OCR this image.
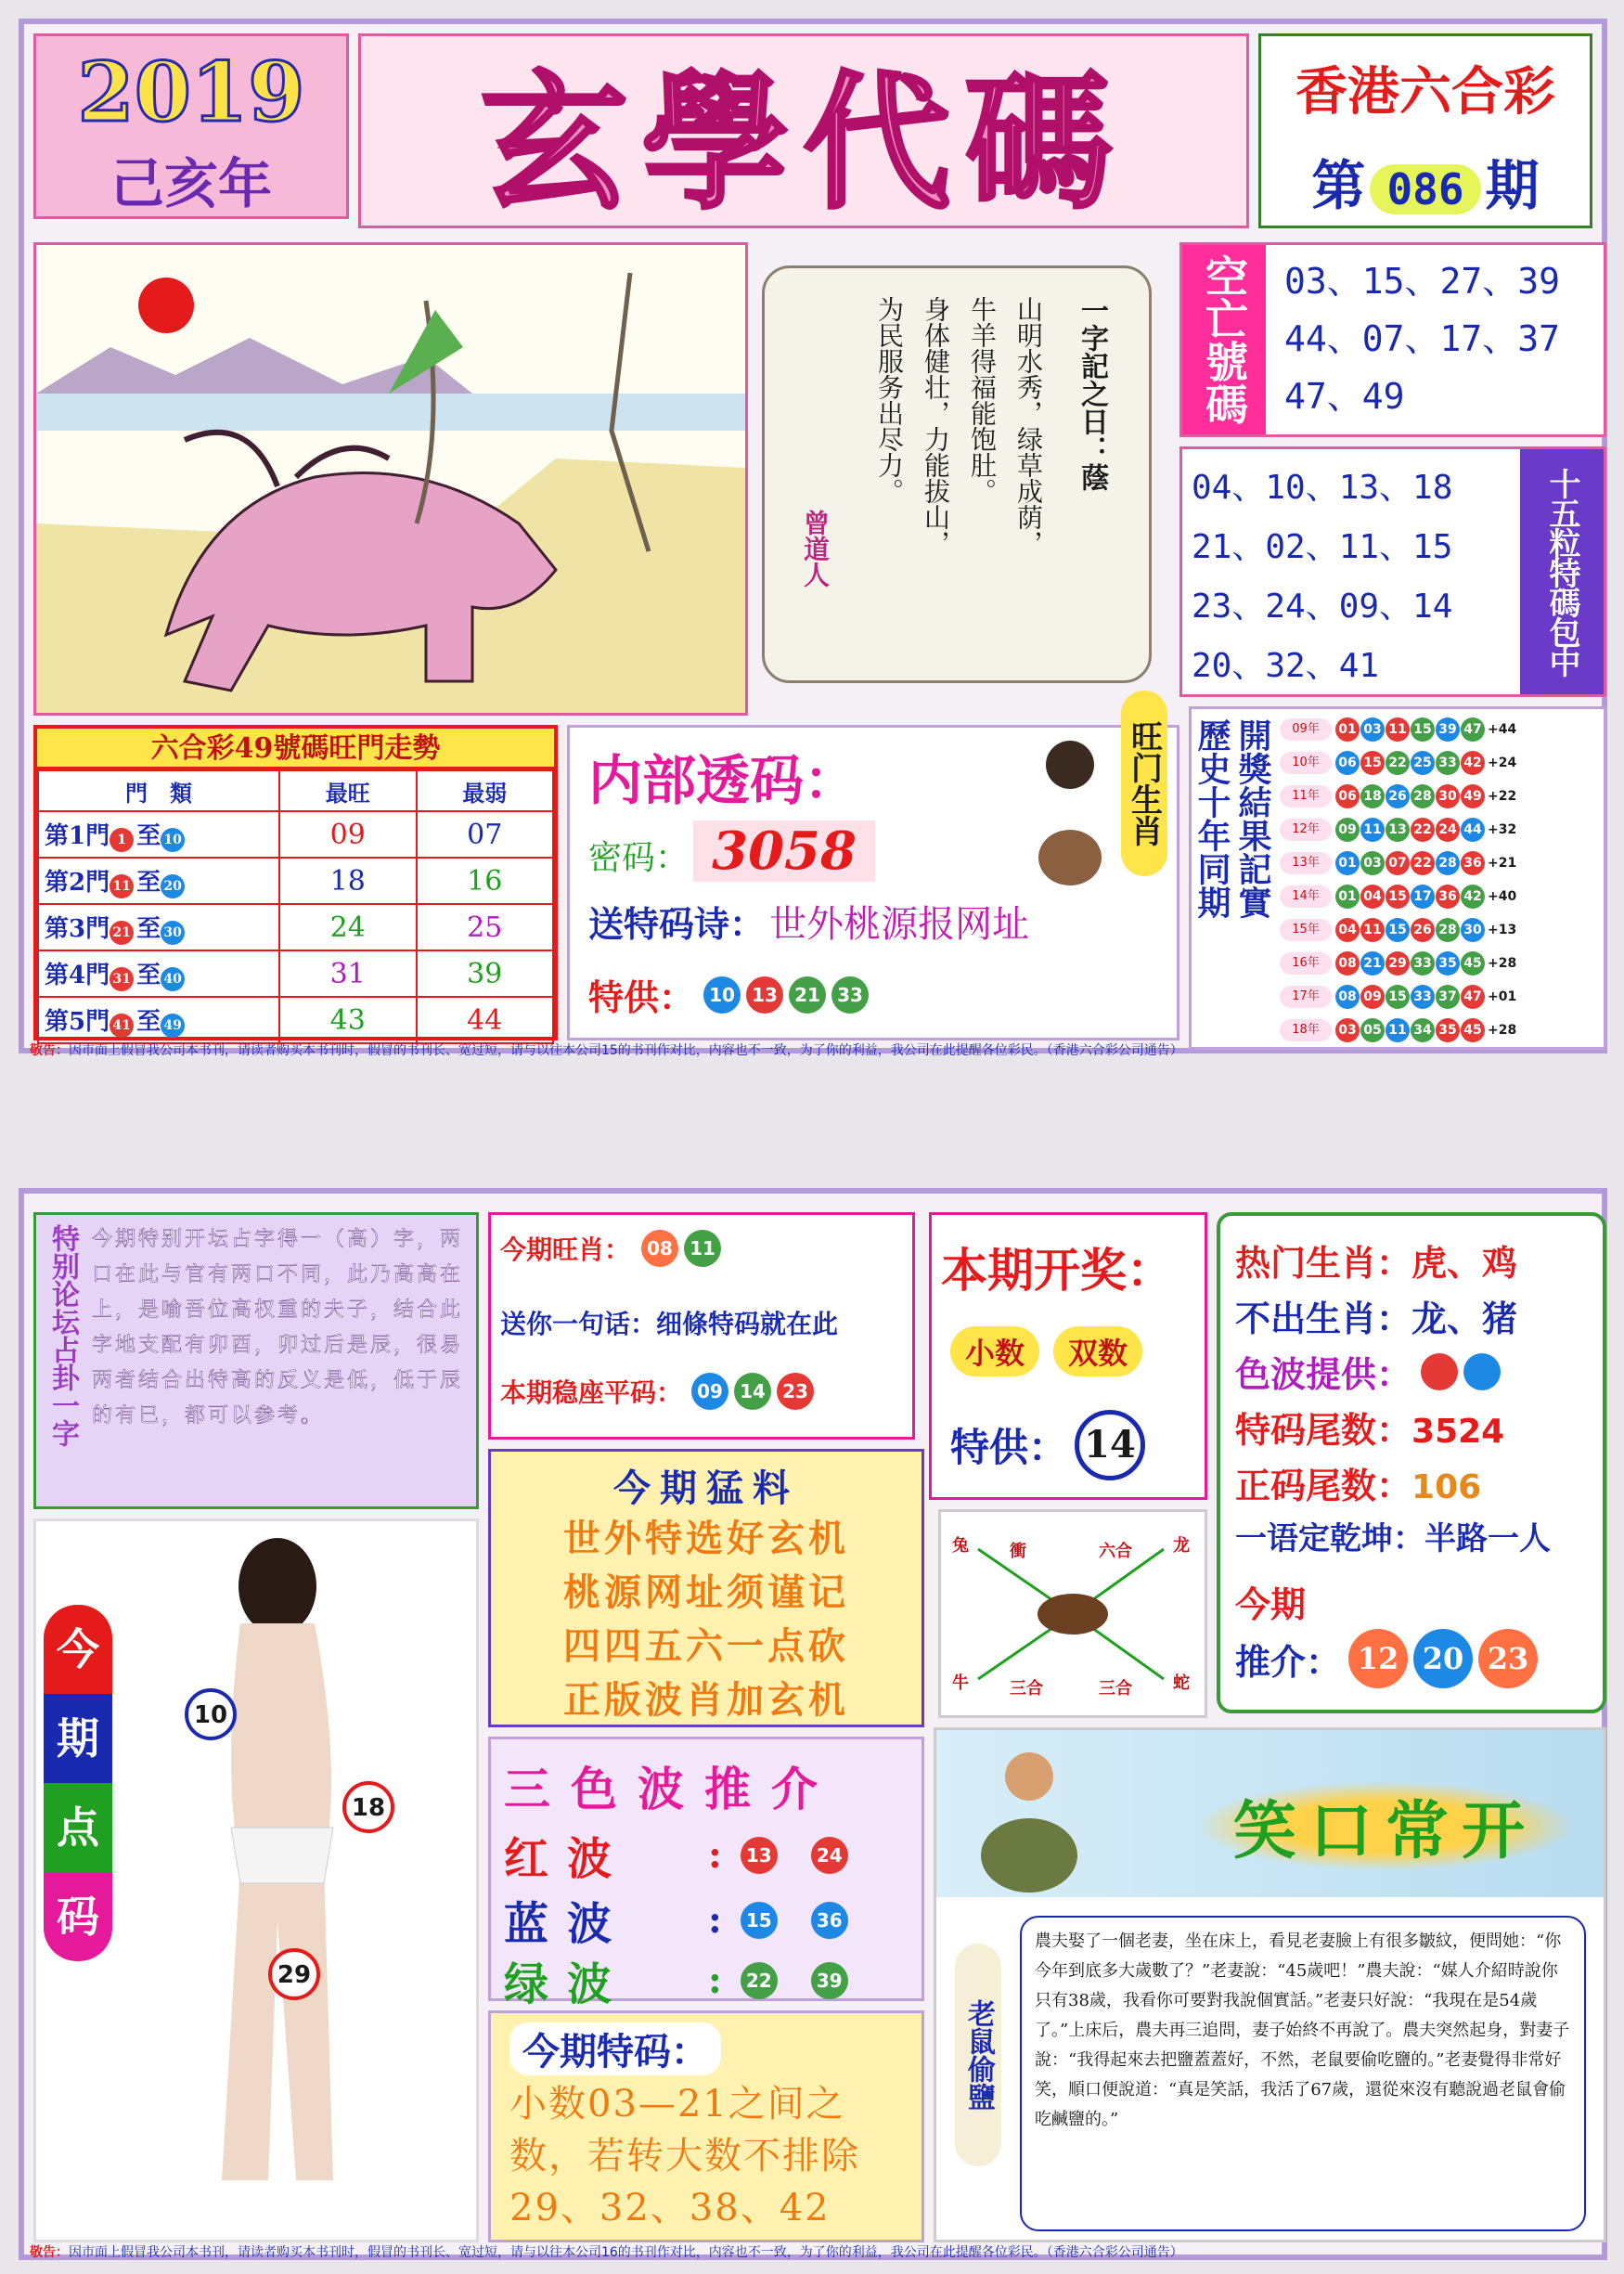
2019
己亥年	玄學代碼	香港六合彩
第 086 期
一字記之日：蔭
山明水秀，绿草成荫，
牛羊得福能饱肚。
身体健壮，力能拔山，
为民服务出尽力。
曾道人
空亡號碼	03、15、27、39
44、07、17、37
47、49
04、10、13、18
21、02、11、15
23、24、09、14
20、32、41	十五粒特碼包中
六合彩49號碼旺門走勢
門　類	最旺	最弱
第1門 1 至 10	09	07
第2門 11 至 20	18	16
第3門 21 至 30	24	25
第4門 31 至 40	31	39
第5門 41 至 49	43	44
内部透码：
密码： 3058
送特码诗： 世外桃源报网址
特供： 10 13 21 33
旺门生肖 開獎結果記實
歷史十年同期	09年	01 03 11 15 39 47 +44
10年	06 15 22 25 33 42 +24
11年	06 18 26 28 30 49 +22
12年	09 11 13 22 24 44 +32
13年	01 03 07 22 28 36 +21
14年	01 04 15 17 36 42 +40
15年	04 11 15 26 28 30 +13
16年	08 21 29 33 35 45 +28
17年	08 09 15 33 37 47 +01
18年	03 05 11 34 35 45 +28
敬告：因市面上假冒我公司本书刊，请读者购买本书刊时，假冒的书刊长、宽过短，请与以往本公司15的书刊作对比，内容也不一致，为了你的利益，我公司在此提醒各位彩民。（香港六合彩公司通告）
特别论坛占卦一字 今期特别开坛占字得一（高）字，两口在此与官有两口不同，此乃高高在上，是喻吾位高权重的夫子，结合此字地支配有卯酉，卯过后是辰，很易两者结合出特高的反义是低，低于辰的有巳，都可以参考。
今期旺肖： 08 11
送你一句话：细條特码就在此
本期稳座平码： 09 14 23
本期开奖：
小数 双数
特供： 14
热门生肖：虎、鸡
不出生肖：龙、猪
色波提供：
特码尾数：3524
正码尾数：106
一语定乾坤：半路一人
今期
推介： 12 20 23
今期猛料
世外特选好玄机
桃源网址须谨记
四四五六一点砍
正版波肖加玄机
兔 衝	六合 龙
牛 三合	三合 蛇
今期点码
10
18
29
三色波推介
红波	:	13	24
蓝波	:	15	36
绿波	:	22	39
今期特码：
小数03—21之间之数，若转大数不排除29、32、38、42
笑口常开
老鼠偷鹽
農夫娶了一個老妻，坐在床上，看見老妻臉上有很多皺紋，便問她：“你今年到底多大歲數了？”老妻說：“45歲吧！”農夫說：“媒人介紹時說你只有38歲，我看你可要對我說個實話。”老妻只好說：“我現在是54歲了。”上床后，農夫再三追問，妻子始終不再說了。農夫突然起身，對妻子說：“我得起來去把鹽蓋蓋好，不然，老鼠要偷吃鹽的。”老妻覺得非常好笑，順口便說道：“真是笑話，我活了67歲，還從來沒有聽說過老鼠會偷吃鹹鹽的。”
敬告：因市面上假冒我公司本书刊，请读者购买本书刊时，假冒的书刊长、宽过短，请与以往本公司16的书刊作对比，内容也不一致，为了你的利益，我公司在此提醒各位彩民。（香港六合彩公司通告）
